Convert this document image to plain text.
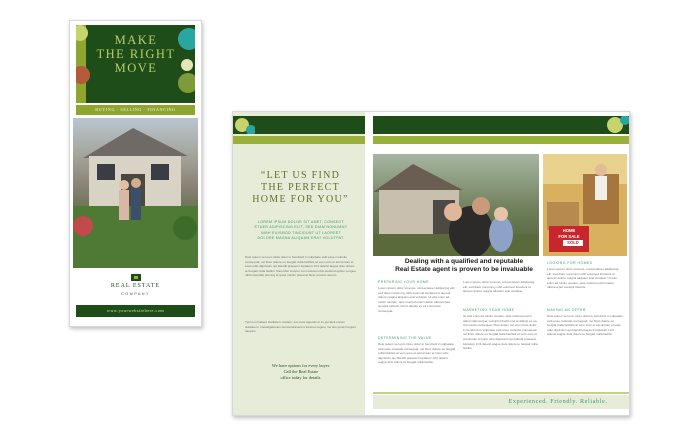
MAKE
THE RIGHT
MOVE
BUYING · SELLING · FINANCING
REAL ESTATE
COMPANY
www.yourwebsitehere.com
“LET US FIND
THE PERFECT
HOME FOR YOU”
LOREM IPSUM DOLOR SIT AMET, CONSECT
ETUER ADIPISCING ELIT, SED DIAM NONUMMY
NIBH EUISMOD TINCIDUNT UT LAOREET
DOLORE MAGNA ALIQUAM ERAT VOLUTPAT.
Duis autem vel eum iriure dolor in hendrerit in vulputate velit esse molestie consequat, vel illum dolore eu feugiat nulla facilisis at vero eros et accumsan et iusto odio dignissim qui blandit praesent luptatum zzril delenit augue duis dolore te feugait nulla facilisi. Nam liber tempor cum soluta nobis eleifend option congue nihil imperdiet doming id quod mazim placerat facer possim assum.
Typi non habent claritatem insitam; est usus legentis in iis qui facit eorum claritatem. Investigationes demonstraverunt lectores legere me lius quod ii legunt saepius.
We have options for every buyer.
Call the Real Estate
office today for details.
HOME
FOR SALE
SOLD
Dealing with a qualified and reputable
Real Estate agent is proven to be invaluable
PREPARING YOUR HOME
Lorem ipsum dolor sit amet, consectetuer adipiscing elit, sed diam nonummy nibh euismod tincidunt ut laoreet dolore magna aliquam erat volutpat. Ut wisi enim ad minim veniam, quis nostrud exerci tation ullamcorper suscipit lobortis nisl ut aliquip ex ea commodo consequat.
DETERMINING THE VALUE
Duis autem vel eum iriure dolor in hendrerit in vulputate velit esse molestie consequat, vel illum dolore eu feugiat nulla facilisis at vero eros et accumsan et iusto odio dignissim qui blandit praesent luptatum zzril delenit augue duis dolore te feugait nulla facilisi.
Lorem ipsum dolor sit amet, consectetuer adipiscing elit, sed diam nonummy nibh euismod tincidunt ut laoreet dolore magna aliquam erat volutpat.
MARKETING YOUR HOME
Ut wisi enim ad minim veniam, quis nostrud exerci tation ullamcorper suscipit lobortis nisl ut aliquip ex ea commodo consequat. Duis autem vel eum iriure dolor in hendrerit in vulputate velit esse molestie consequat, vel illum dolore eu feugiat nulla facilisis at vero eros et accumsan et iusto odio dignissim qui blandit praesent luptatum zzril delenit augue duis dolore te feugait nulla facilisi.
LOOKING FOR HOMES
Lorem ipsum dolor sit amet, consectetuer adipiscing elit, sed diam nonummy nibh euismod tincidunt ut laoreet dolore magna aliquam erat volutpat. Ut wisi enim ad minim veniam, quis nostrud exerci tation ullamcorper suscipit lobortis.
MAKING AN OFFER
Duis autem vel eum iriure dolor in hendrerit in vulputate velit esse molestie consequat, vel illum dolore eu feugiat nulla facilisis at vero eros et accumsan et iusto odio dignissim qui blandit praesent luptatum zzril delenit augue duis dolore te feugait nulla facilisi.
Experienced. Friendly. Reliable.
